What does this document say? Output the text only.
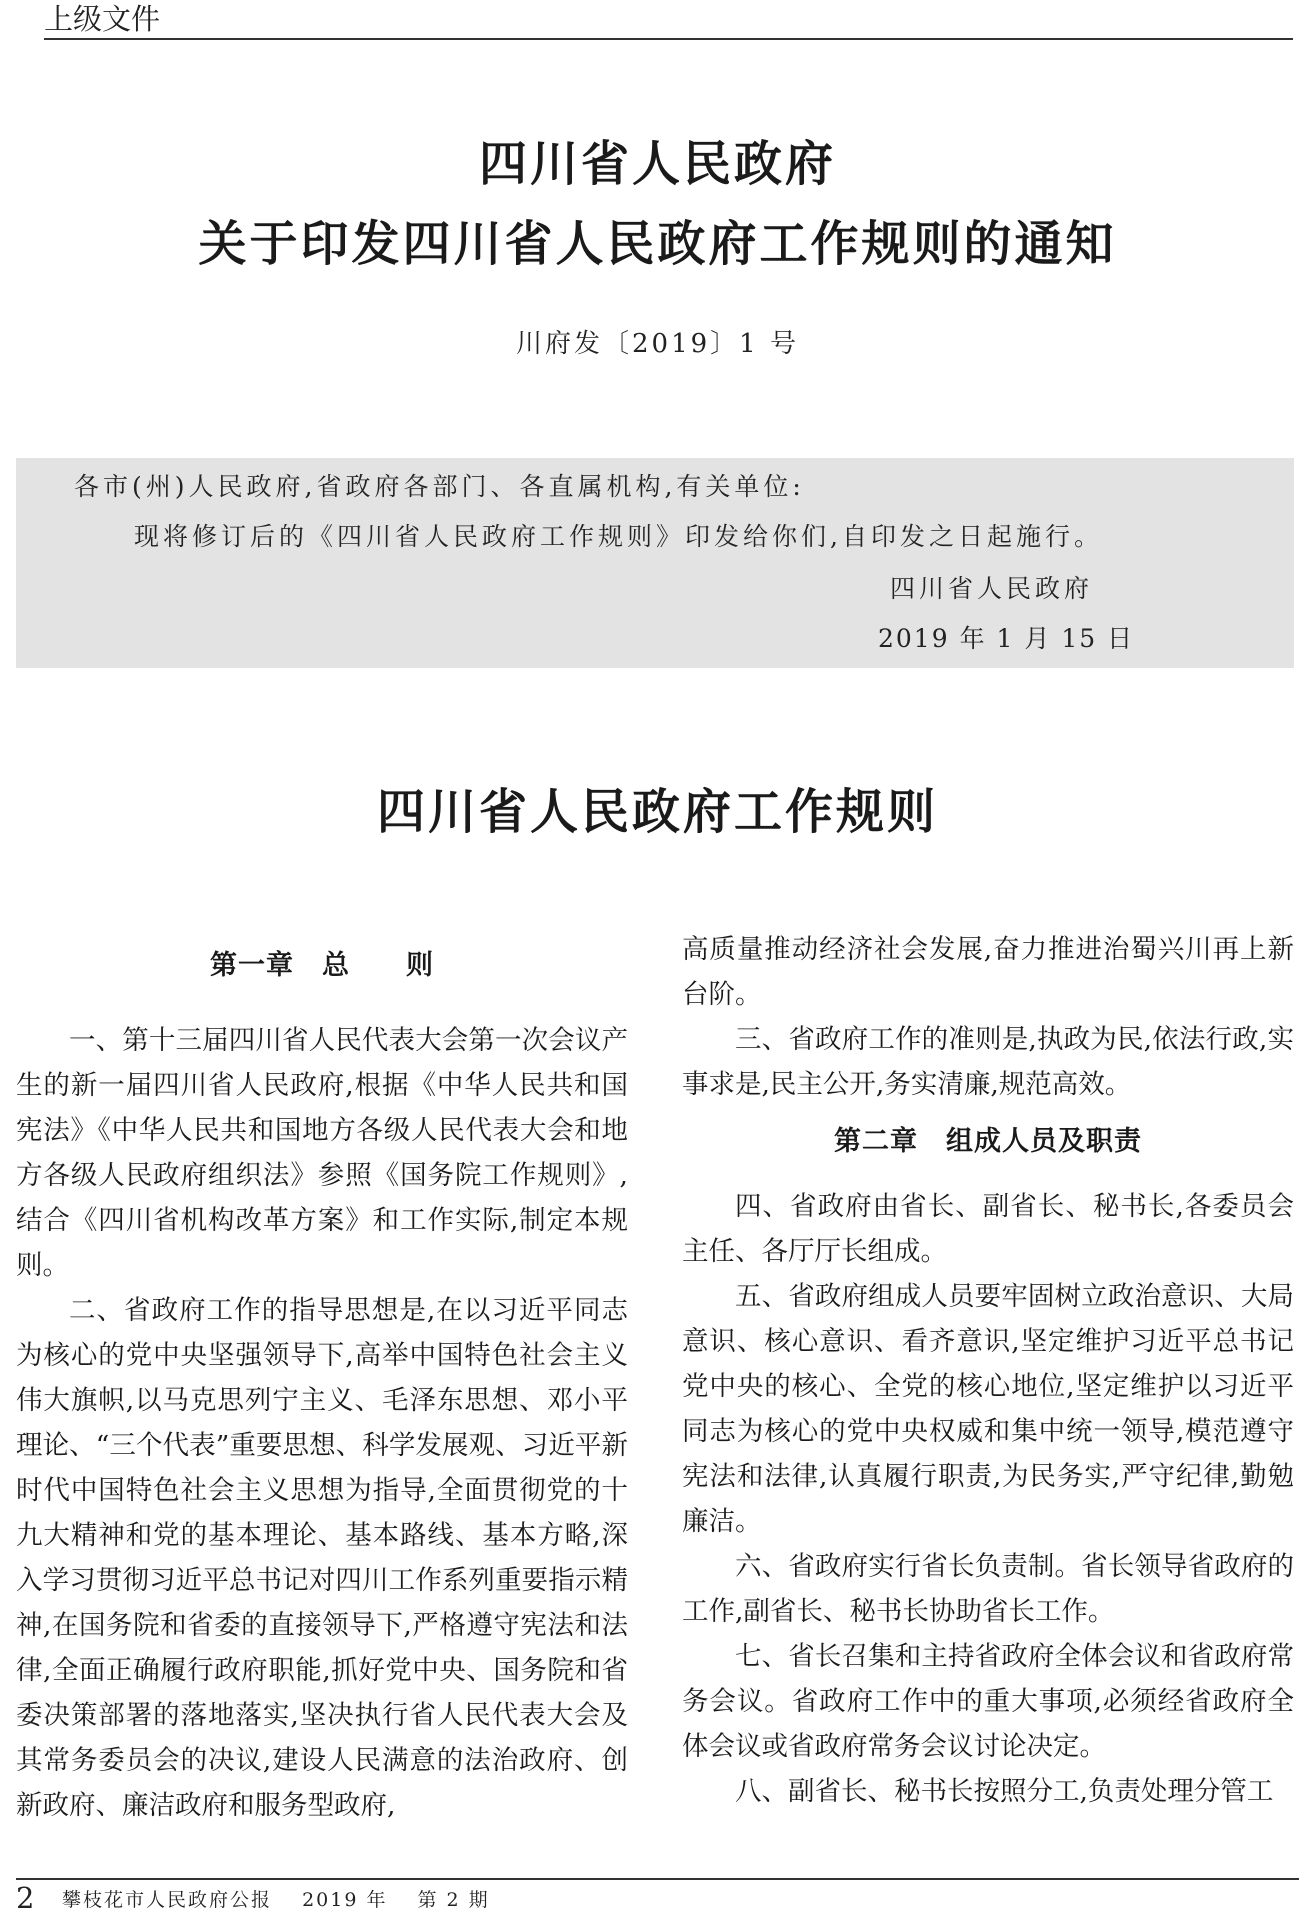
上级文件
四川省人民政府
关于印发四川省人民政府工作规则的通知
川府发〔2019〕1 号
各市(州)人民政府,省政府各部门、各直属机构,有关单位:
现将修订后的《四川省人民政府工作规则》印发给你们,自印发之日起施行。
四川省人民政府
2019 年 1 月 15 日
四川省人民政府工作规则
第一章　总　　则

一、第十三届四川省人民代表大会第一次会议产生的新一届四川省人民政府,根据《中华人民共和国宪法》《中华人民共和国地方各级人民代表大会和地方各级人民政府组织法》参照《国务院工作规则》,结合《四川省机构改革方案》和工作实际,制定本规则。

二、省政府工作的指导思想是,在以习近平同志为核心的党中央坚强领导下,高举中国特色社会主义伟大旗帜,以马克思列宁主义、毛泽东思想、邓小平理论、“三个代表”重要思想、科学发展观、习近平新时代中国特色社会主义思想为指导,全面贯彻党的十九大精神和党的基本理论、基本路线、基本方略,深入学习贯彻习近平总书记对四川工作系列重要指示精神,在国务院和省委的直接领导下,严格遵守宪法和法律,全面正确履行政府职能,抓好党中央、国务院和省委决策部署的落地落实,坚决执行省人民代表大会及其常务委员会的决议,建设人民满意的法治政府、创新政府、廉洁政府和服务型政府,

高质量推动经济社会发展,奋力推进治蜀兴川再上新台阶。

三、省政府工作的准则是,执政为民,依法行政,实事求是,民主公开,务实清廉,规范高效。

第二章　组成人员及职责

四、省政府由省长、副省长、秘书长,各委员会主任、各厅厅长组成。

五、省政府组成人员要牢固树立政治意识、大局意识、核心意识、看齐意识,坚定维护习近平总书记党中央的核心、全党的核心地位,坚定维护以习近平同志为核心的党中央权威和集中统一领导,模范遵守宪法和法律,认真履行职责,为民务实,严守纪律,勤勉廉洁。

六、省政府实行省长负责制。省长领导省政府的工作,副省长、秘书长协助省长工作。

七、省长召集和主持省政府全体会议和省政府常务会议。省政府工作中的重大事项,必须经省政府全体会议或省政府常务会议讨论决定。

八、副省长、秘书长按照分工,负责处理分管工

2 攀枝花市人民政府公报 2019 年 第 2 期
